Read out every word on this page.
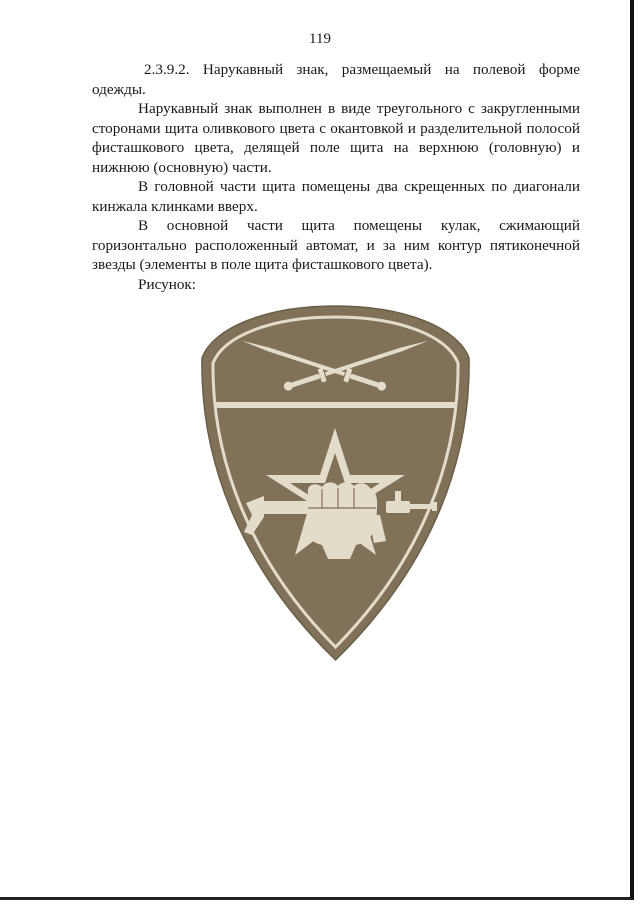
119

2.3.9.2. Нарукавный знак, размещаемый на полевой форме одежды.

Нарукавный знак выполнен в виде треугольного с закругленными сторонами щита оливкового цвета с окантовкой и разделительной полосой фисташкового цвета, делящей поле щита на верхнюю (головную) и нижнюю (основную) части.

В головной части щита помещены два скрещенных по диагонали кинжала клинками вверх.

В основной части щита помещены кулак, сжимающий горизонтально расположенный автомат, и за ним контур пятиконечной звезды (элементы в поле щита фисташкового цвета).

Рисунок:
